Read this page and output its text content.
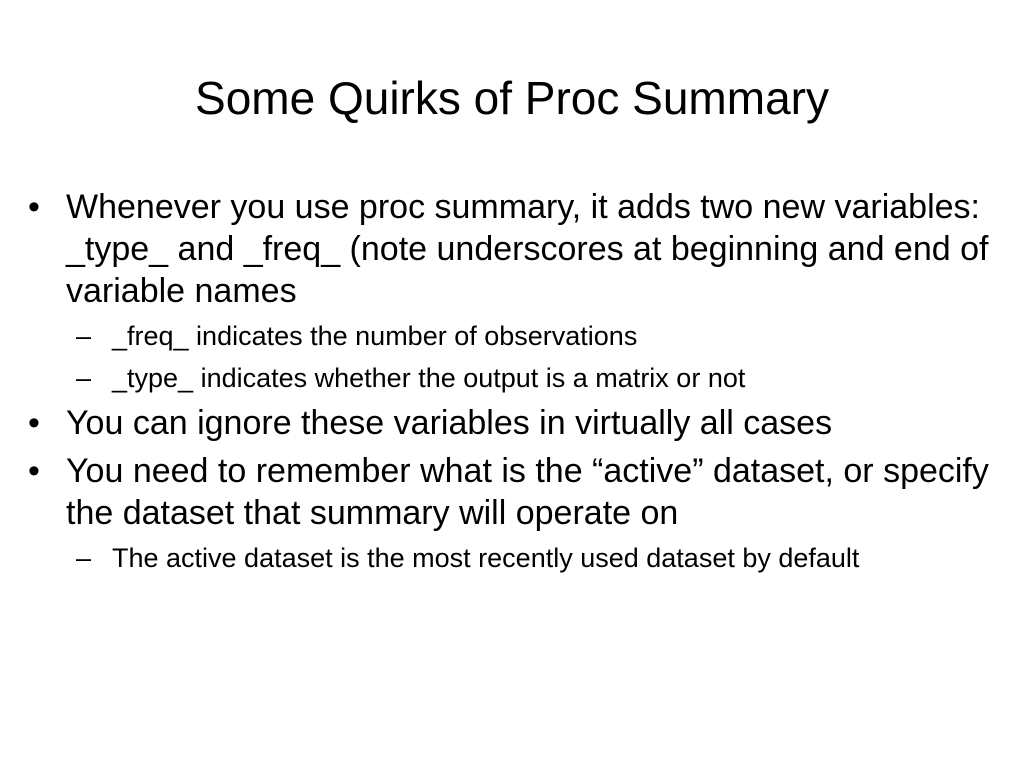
Some Quirks of Proc Summary

• Whenever you use proc summary, it adds two new variables: _type_ and _freq_ (note underscores at beginning and end of variable names

– _freq_ indicates the number of observations

– _type_ indicates whether the output is a matrix or not

• You can ignore these variables in virtually all cases

• You need to remember what is the “active” dataset, or specify the dataset that summary will operate on

– The active dataset is the most recently used dataset by default
